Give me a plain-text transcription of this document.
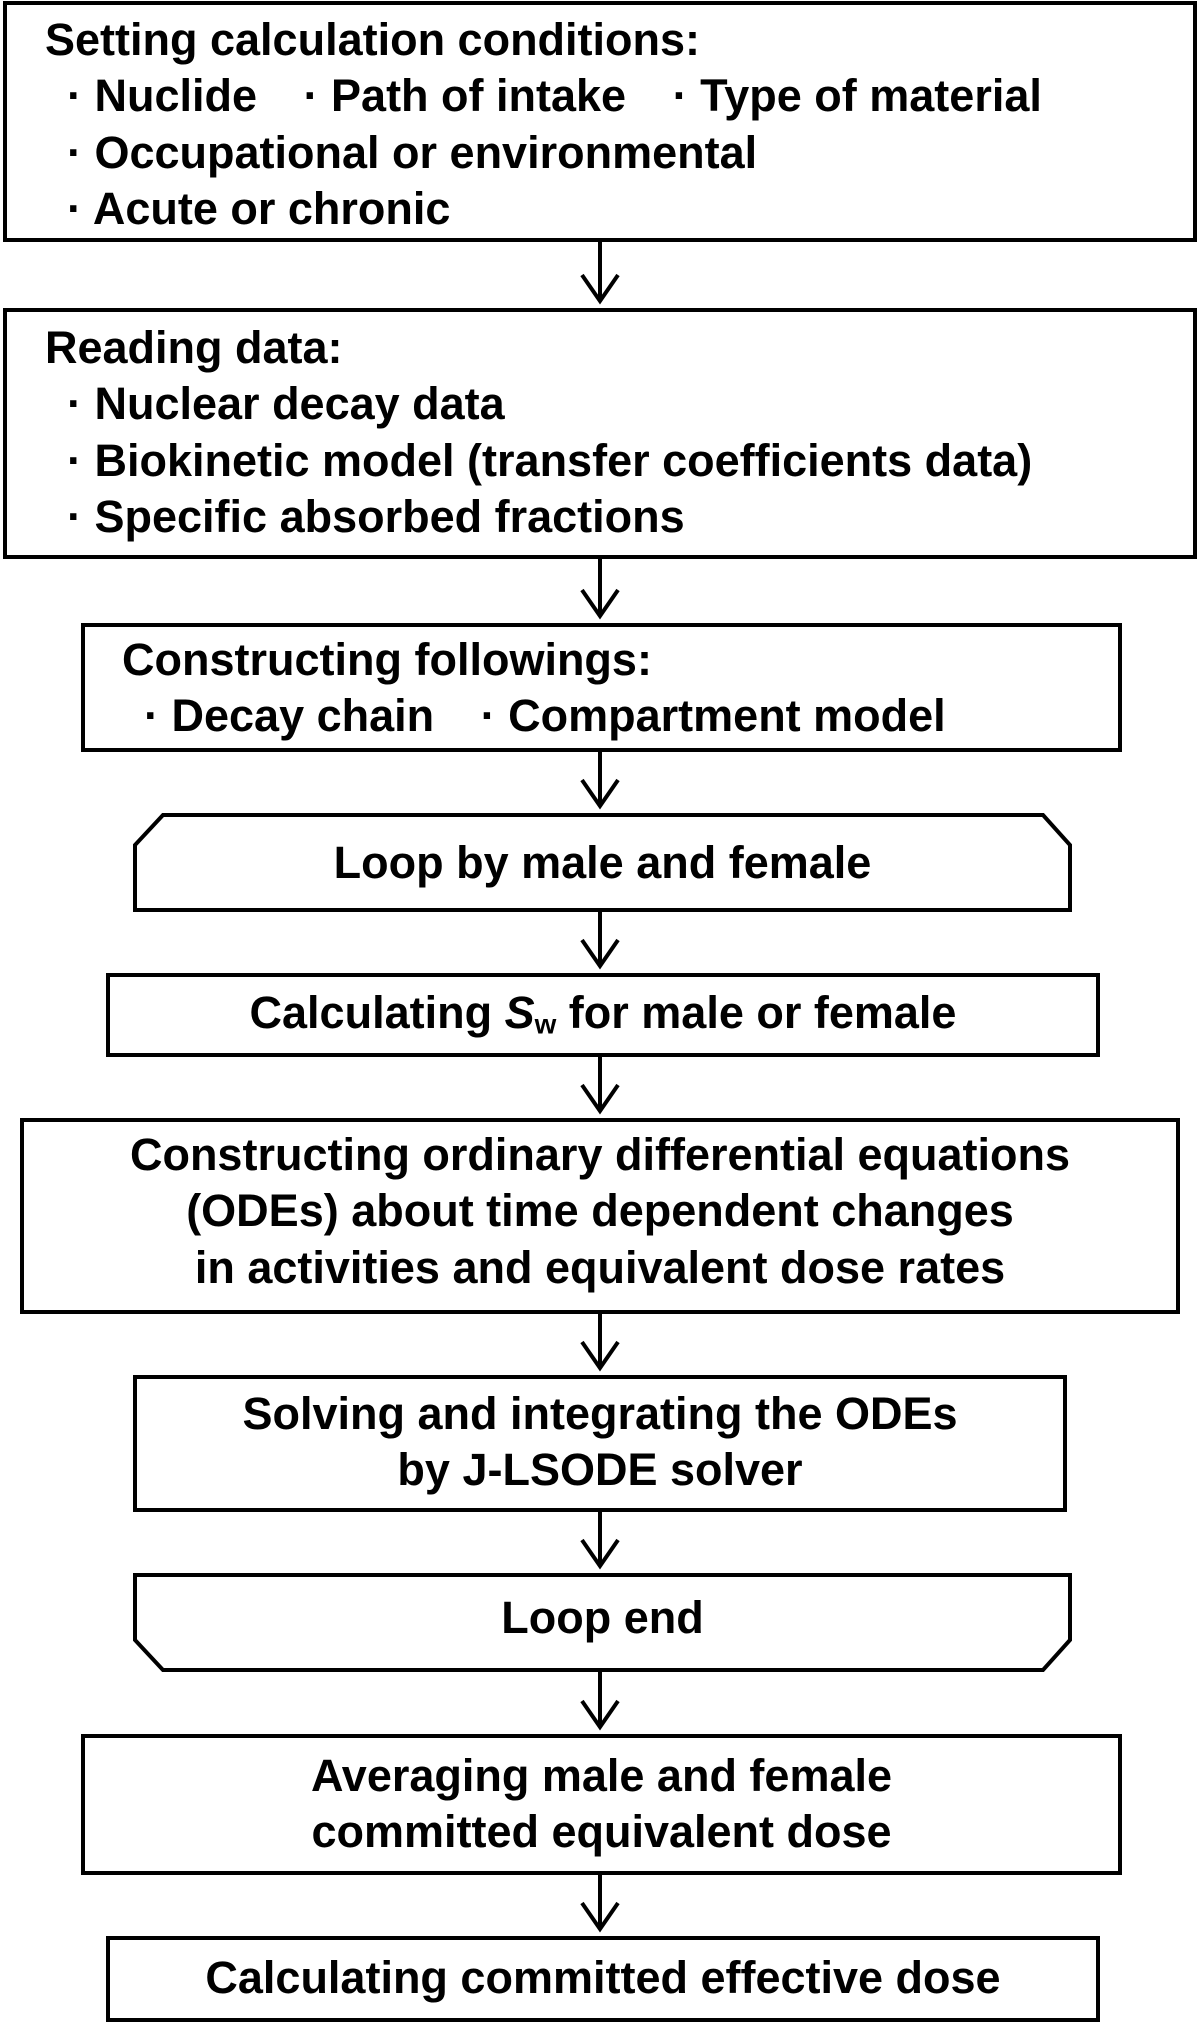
Setting calculation conditions:
· Nuclide · Path of intake · Type of material
· Occupational or environmental
· Acute or chronic
Reading data:
· Nuclear decay data
· Biokinetic model (transfer coefficients data)
· Specific absorbed fractions
Constructing followings:
· Decay chain · Compartment model
Loop by male and female
Calculating $S_w$ for male or female
Constructing ordinary differential equations
(ODEs) about time dependent changes
in activities and equivalent dose rates
Solving and integrating the ODEs
by J-LSODE solver
Loop end
Averaging male and female
committed equivalent dose
Calculating committed effective dose
